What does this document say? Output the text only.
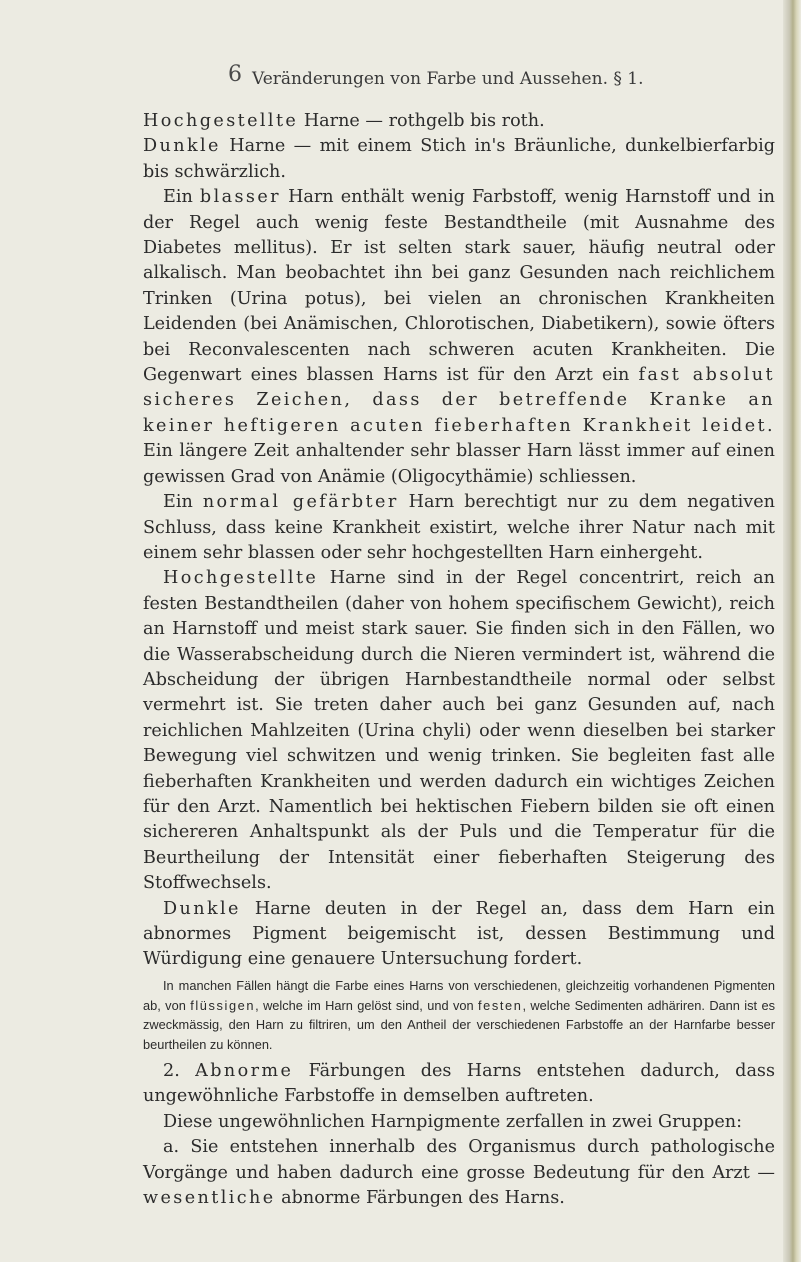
6 Veränderungen von Farbe und Aussehen. § 1.

Hochgestellte Harne — rothgelb bis roth.

Dunkle Harne — mit einem Stich in's Bräunliche, dunkelbierfarbig bis schwärzlich.

Ein blasser Harn enthält wenig Farbstoff, wenig Harnstoff und in der Regel auch wenig feste Bestandtheile (mit Ausnahme des Diabetes mellitus). Er ist selten stark sauer, häufig neutral oder alkalisch. Man beobachtet ihn bei ganz Gesunden nach reichlichem Trinken (Urina potus), bei vielen an chronischen Krankheiten Leidenden (bei Anämischen, Chlorotischen, Diabetikern), sowie öfters bei Reconvalescenten nach schweren acuten Krankheiten. Die Gegenwart eines blassen Harns ist für den Arzt ein fast absolut sicheres Zeichen, dass der betreffende Kranke an keiner heftigeren acuten fieberhaften Krankheit leidet. Ein längere Zeit anhaltender sehr blasser Harn lässt immer auf einen gewissen Grad von Anämie (Oligocythämie) schliessen.

Ein normal gefärbter Harn berechtigt nur zu dem negativen Schluss, dass keine Krankheit existirt, welche ihrer Natur nach mit einem sehr blassen oder sehr hochgestellten Harn einhergeht.

Hochgestellte Harne sind in der Regel concentrirt, reich an festen Bestandtheilen (daher von hohem specifischem Gewicht), reich an Harnstoff und meist stark sauer. Sie finden sich in den Fällen, wo die Wasserabscheidung durch die Nieren vermindert ist, während die Abscheidung der übrigen Harnbestandtheile normal oder selbst vermehrt ist. Sie treten daher auch bei ganz Gesunden auf, nach reichlichen Mahlzeiten (Urina chyli) oder wenn dieselben bei starker Bewegung viel schwitzen und wenig trinken. Sie begleiten fast alle fieberhaften Krankheiten und werden dadurch ein wichtiges Zeichen für den Arzt. Namentlich bei hektischen Fiebern bilden sie oft einen sichereren Anhaltspunkt als der Puls und die Temperatur für die Beurtheilung der Intensität einer fieberhaften Steigerung des Stoffwechsels.

Dunkle Harne deuten in der Regel an, dass dem Harn ein abnormes Pigment beigemischt ist, dessen Bestimmung und Würdigung eine genauere Untersuchung fordert.

In manchen Fällen hängt die Farbe eines Harns von verschiedenen, gleichzeitig vorhandenen Pigmenten ab, von flüssigen, welche im Harn gelöst sind, und von festen, welche Sedimenten adhäriren. Dann ist es zweckmässig, den Harn zu filtriren, um den Antheil der verschiedenen Farbstoffe an der Harnfarbe besser beurtheilen zu können.

2. Abnorme Färbungen des Harns entstehen dadurch, dass ungewöhnliche Farbstoffe in demselben auftreten.

Diese ungewöhnlichen Harnpigmente zerfallen in zwei Gruppen:

a. Sie entstehen innerhalb des Organismus durch pathologische Vorgänge und haben dadurch eine grosse Bedeutung für den Arzt — wesentliche abnorme Färbungen des Harns.
